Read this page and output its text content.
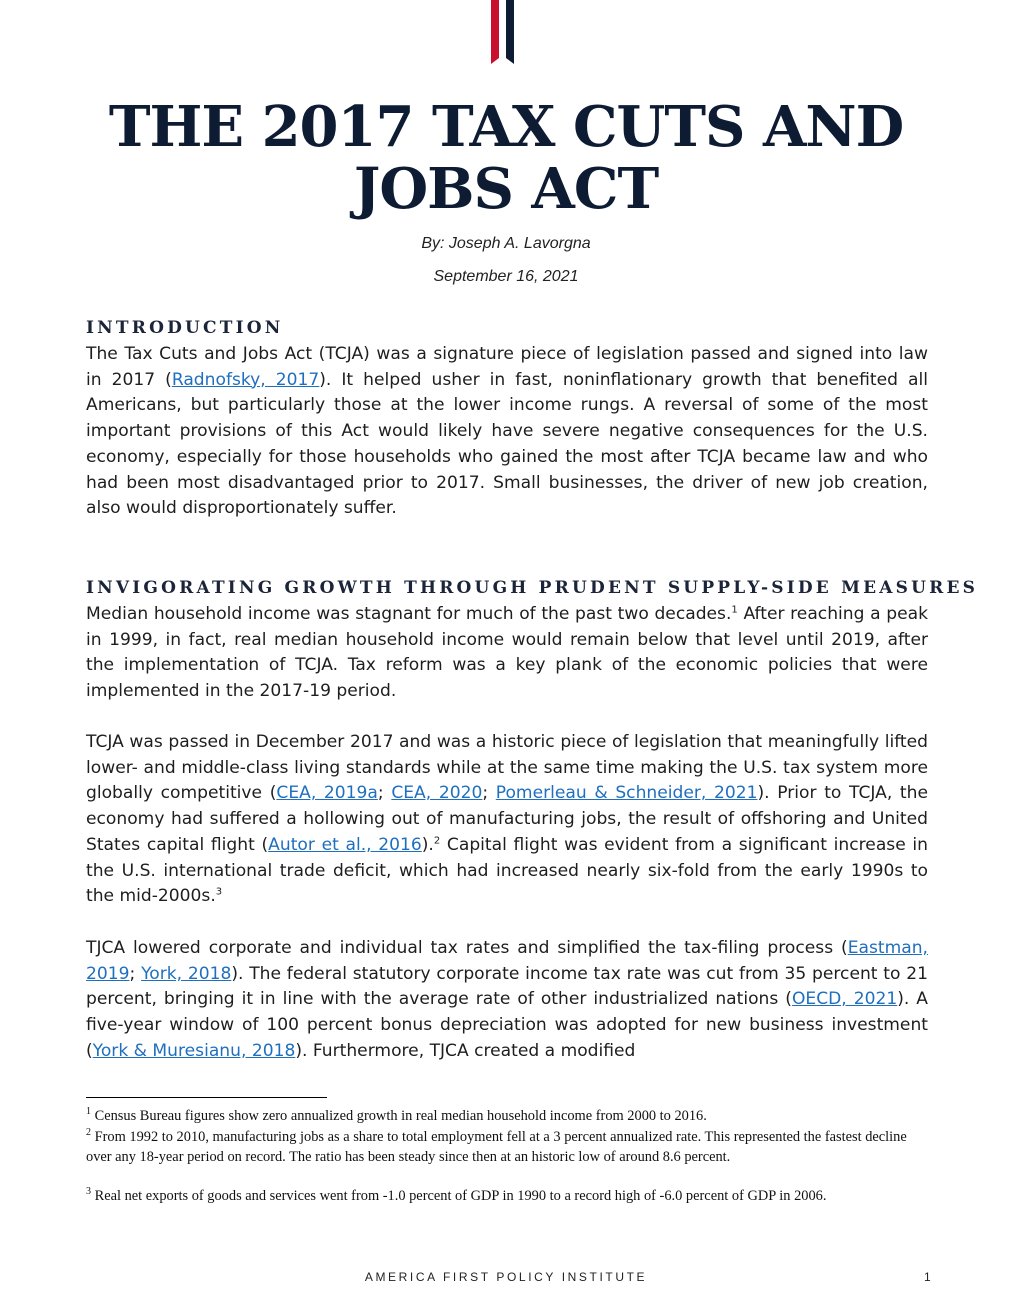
THE 2017 TAX CUTS AND JOBS ACT
By: Joseph A. Lavorgna
September 16, 2021
INTRODUCTION

The Tax Cuts and Jobs Act (TCJA) was a signature piece of legislation passed and signed into law in 2017 (Radnofsky, 2017). It helped usher in fast, noninflationary growth that benefited all Americans, but particularly those at the lower income rungs. A reversal of some of the most important provisions of this Act would likely have severe negative consequences for the U.S. economy, especially for those households who gained the most after TCJA became law and who had been most disadvantaged prior to 2017. Small businesses, the driver of new job creation, also would disproportionately suffer.

INVIGORATING GROWTH THROUGH PRUDENT SUPPLY-SIDE MEASURES

Median household income was stagnant for much of the past two decades.$^1$ After reaching a peak in 1999, in fact, real median household income would remain below that level until 2019, after the implementation of TCJA. Tax reform was a key plank of the economic policies that were implemented in the 2017-19 period.

TCJA was passed in December 2017 and was a historic piece of legislation that meaningfully lifted lower- and middle-class living standards while at the same time making the U.S. tax system more globally competitive (CEA, 2019a; CEA, 2020; Pomerleau & Schneider, 2021). Prior to TCJA, the economy had suffered a hollowing out of manufacturing jobs, the result of offshoring and United States capital flight (Autor et al., 2016).$^2$ Capital flight was evident from a significant increase in the U.S. international trade deficit, which had increased nearly six-fold from the early 1990s to the mid-2000s.$^3$

TJCA lowered corporate and individual tax rates and simplified the tax-filing process (Eastman, 2019; York, 2018). The federal statutory corporate income tax rate was cut from 35 percent to 21 percent, bringing it in line with the average rate of other industrialized nations (OECD, 2021). A five-year window of 100 percent bonus depreciation was adopted for new business investment (York & Muresianu, 2018). Furthermore, TJCA created a modified

$^1$ Census Bureau figures show zero annualized growth in real median household income from 2000 to 2016.

$^2$ From 1992 to 2010, manufacturing jobs as a share to total employment fell at a 3 percent annualized rate. This represented the fastest decline over any 18-year period on record. The ratio has been steady since then at an historic low of around 8.6 percent.

$^3$ Real net exports of goods and services went from -1.0 percent of GDP in 1990 to a record high of -6.0 percent of GDP in 2006.

AMERICA FIRST POLICY INSTITUTE	1
